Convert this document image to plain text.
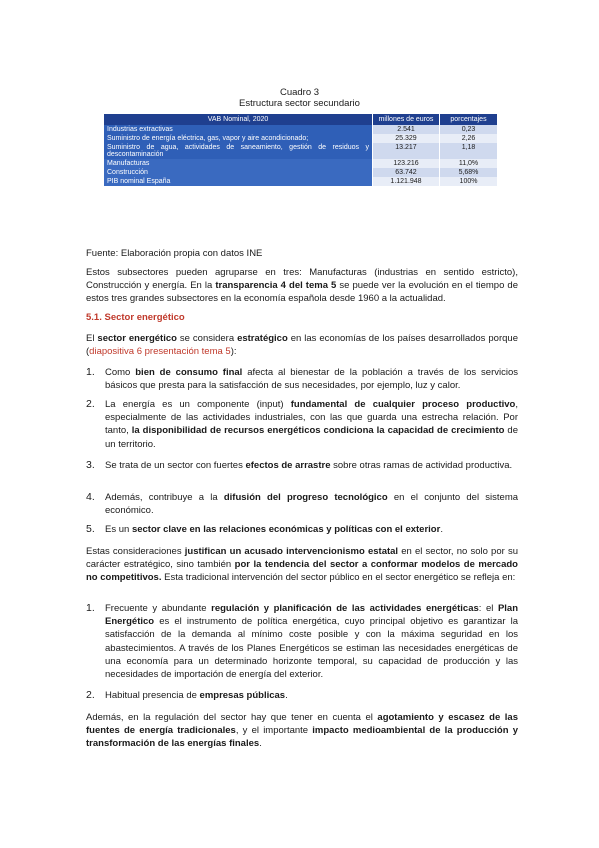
Cuadro 3
Estructura sector secundario
VAB Nominal, 2020	millones de euros	porcentajes
Industrias extractivas	2.541	0,23
Suministro de energía eléctrica, gas, vapor y aire acondicionado;	25.329	2,26
Suministro de agua, actividades de saneamiento, gestión de residuos y descontaminación	13.217	1,18
Manufacturas	123.216	11,0%
Construcción	63.742	5,68%
PIB nominal España	1.121.948	100%
Fuente: Elaboración propia con datos INE
Estos subsectores pueden agruparse en tres: Manufacturas (industrias en sentido estricto), Construcción y energía. En la transparencia 4 del tema 5 se puede ver la evolución en el tiempo de estos tres grandes subsectores en la economía española desde 1960 a la actualidad.
5.1. Sector energético
El sector energético se considera estratégico en las economías de los países desarrollados porque (diapositiva 6 presentación tema 5):
1. Como bien de consumo final afecta al bienestar de la población a través de los servicios básicos que presta para la satisfacción de sus necesidades, por ejemplo, luz y calor.
2. La energía es un componente (input) fundamental de cualquier proceso productivo, especialmente de las actividades industriales, con las que guarda una estrecha relación. Por tanto, la disponibilidad de recursos energéticos condiciona la capacidad de crecimiento de un territorio.
3. Se trata de un sector con fuertes efectos de arrastre sobre otras ramas de actividad productiva.
4. Además, contribuye a la difusión del progreso tecnológico en el conjunto del sistema económico.
5. Es un sector clave en las relaciones económicas y políticas con el exterior.
Estas consideraciones justifican un acusado intervencionismo estatal en el sector, no solo por su carácter estratégico, sino también por la tendencia del sector a conformar modelos de mercado no competitivos. Esta tradicional intervención del sector público en el sector energético se refleja en:
1. Frecuente y abundante regulación y planificación de las actividades energéticas: el Plan Energético es el instrumento de política energética, cuyo principal objetivo es garantizar la satisfacción de la demanda al mínimo coste posible y con la máxima seguridad en los abastecimientos. A través de los Planes Energéticos se estiman las necesidades energéticas de una economía para un determinado horizonte temporal, su capacidad de producción y las necesidades de importación de energía del exterior.
2. Habitual presencia de empresas públicas.
Además, en la regulación del sector hay que tener en cuenta el agotamiento y escasez de las fuentes de energía tradicionales, y el importante impacto medioambiental de la producción y transformación de las energías finales.
